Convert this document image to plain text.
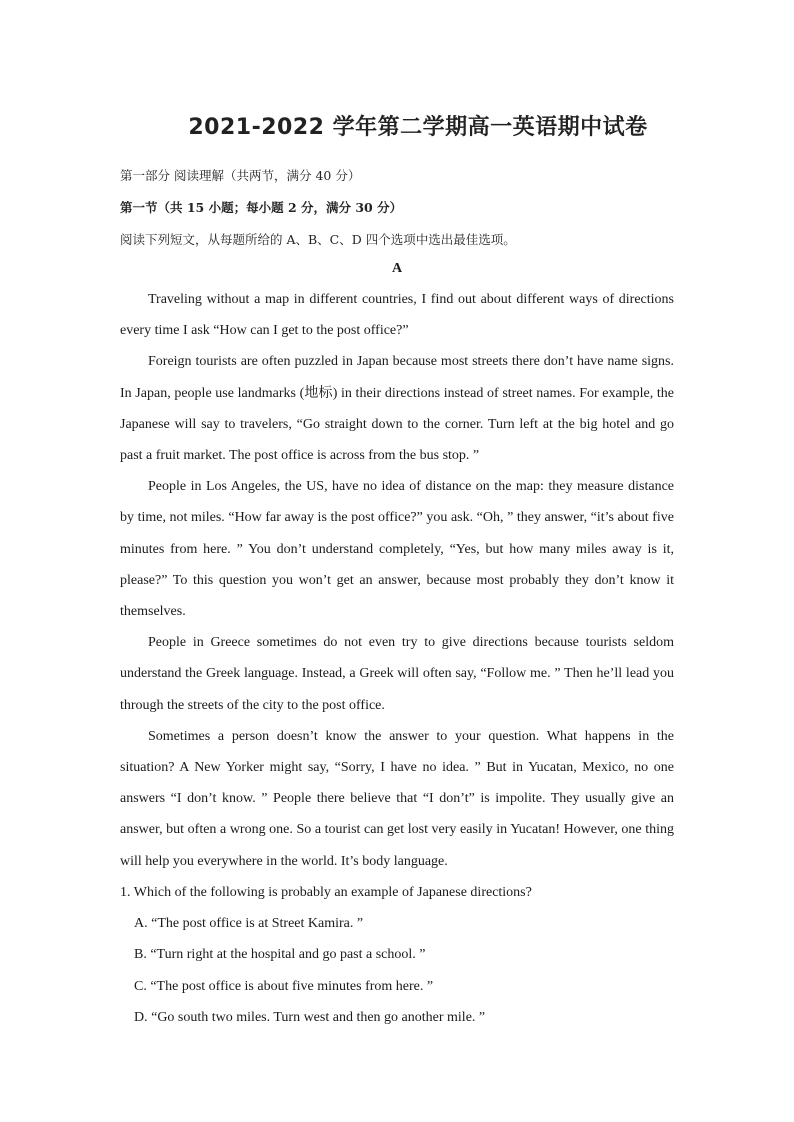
2021-2022 学年第二学期高一英语期中试卷
第一部分 阅读理解（共两节，满分 40 分）
第一节（共 15 小题；每小题 2 分，满分 30 分）
阅读下列短文，从每题所给的 A、B、C、D 四个选项中选出最佳选项。
A

Traveling without a map in different countries, I find out about different ways of directions every time I ask “How can I get to the post office?”

Foreign tourists are often puzzled in Japan because most streets there don’t have name signs. In Japan, people use landmarks (地标) in their directions instead of street names. For example, the Japanese will say to travelers, “Go straight down to the corner. Turn left at the big hotel and go past a fruit market. The post office is across from the bus stop. ”

People in Los Angeles, the US, have no idea of distance on the map: they measure distance by time, not miles. “How far away is the post office?” you ask. “Oh, ” they answer, “it’s about five minutes from here. ” You don’t understand completely, “Yes, but how many miles away is it, please?” To this question you won’t get an answer, because most probably they don’t know it themselves.

People in Greece sometimes do not even try to give directions because tourists seldom understand the Greek language. Instead, a Greek will often say, “Follow me. ” Then he’ll lead you through the streets of the city to the post office.

Sometimes a person doesn’t know the answer to your question. What happens in the situation? A New Yorker might say, “Sorry, I have no idea. ” But in Yucatan, Mexico, no one answers “I don’t know. ” People there believe that “I don’t” is impolite. They usually give an answer, but often a wrong one. So a tourist can get lost very easily in Yucatan! However, one thing will help you everywhere in the world. It’s body language.

1. Which of the following is probably an example of Japanese directions?

A. “The post office is at Street Kamira. ”

B. “Turn right at the hospital and go past a school. ”

C. “The post office is about five minutes from here. ”

D. “Go south two miles. Turn west and then go another mile. ”
